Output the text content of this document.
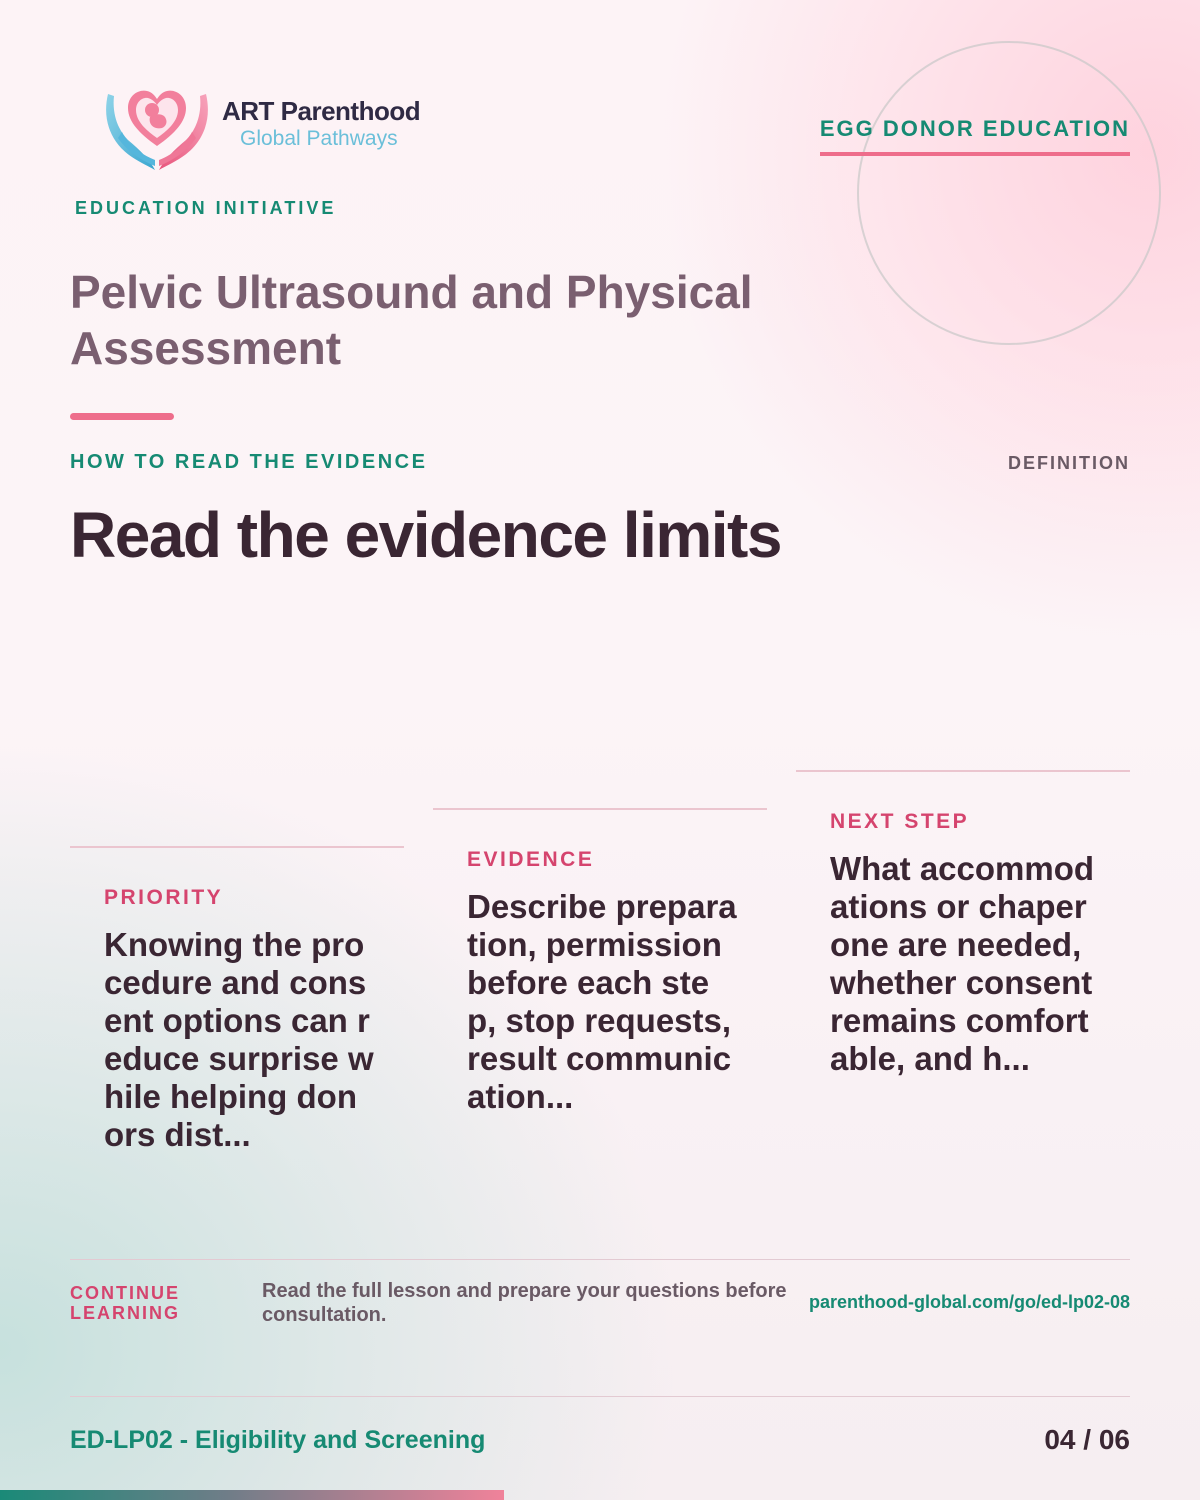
ART Parenthood
Global Pathways	EGG DONOR EDUCATION
EDUCATION INITIATIVE
Pelvic Ultrasound and Physical Assessment
HOW TO READ THE EVIDENCE	DEFINITION
Read the evidence limits
PRIORITY
Knowing the procedure and consent options can reduce surprise while helping donors dist...
EVIDENCE
Describe preparation, permission before each step, stop requests, result communication...
NEXT STEP
What accommodations or chaperone are needed, whether consent remains comfortable, and h...
CONTINUE LEARNING
Read the full lesson and prepare your questions before consultation.
parenthood-global.com/go/ed-lp02-08
ED-LP02 - Eligibility and Screening	04 / 06
